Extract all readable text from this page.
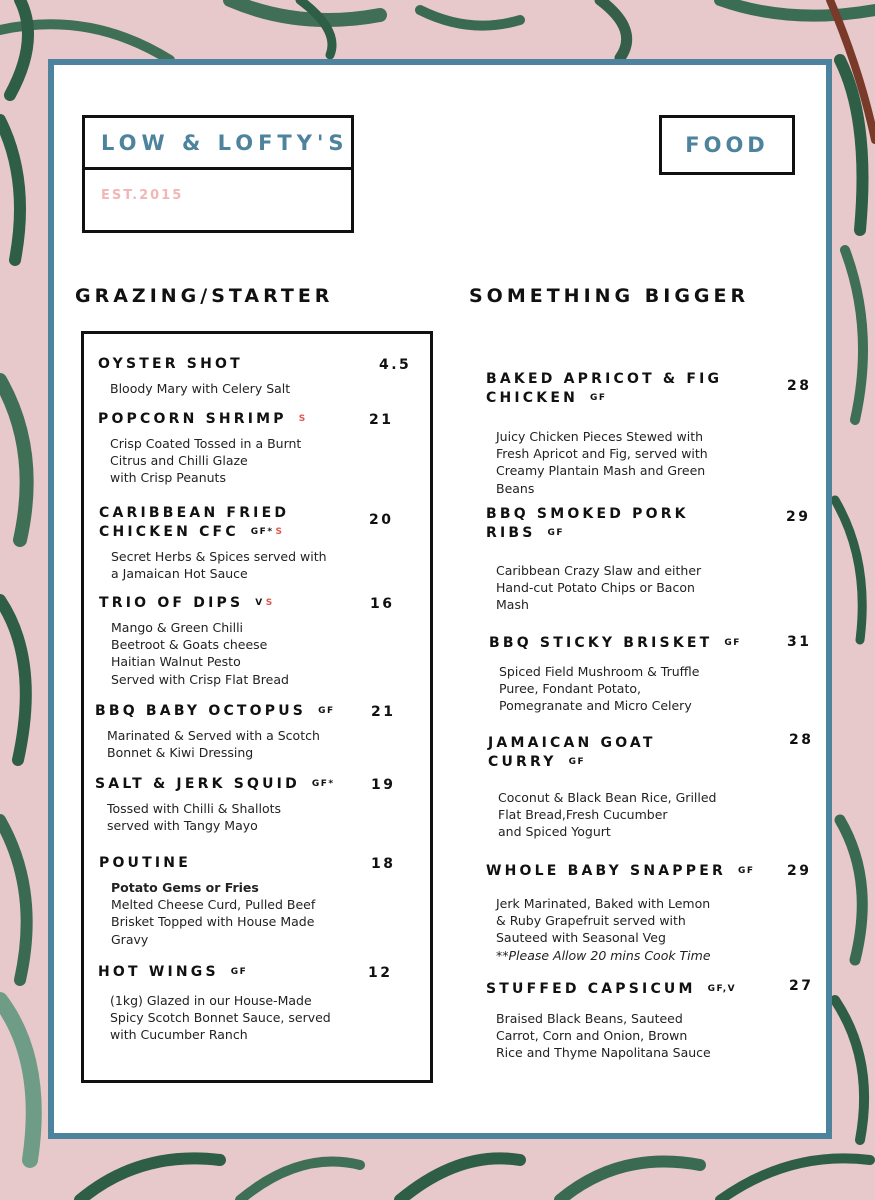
LOW & LOFTY'S
EST.2015
FOOD
GRAZING/STARTER	SOMETHING BIGGER
OYSTER SHOT	4.5
Bloody Mary with Celery Salt
POPCORN SHRIMP S	21
Crisp Coated Tossed in a Burnt
Citrus and Chilli Glaze
with Crisp Peanuts
CARIBBEAN FRIED
CHICKEN CFC GF* S
20
Secret Herbs & Spices served with
a Jamaican Hot Sauce
TRIO OF DIPS V S	16
Mango & Green Chilli
Beetroot & Goats cheese
Haitian Walnut Pesto
Served with Crisp Flat Bread
BBQ BABY OCTOPUS GF	21
Marinated & Served with a Scotch
Bonnet & Kiwi Dressing
SALT & JERK SQUID GF*	19
Tossed with Chilli & Shallots
served with Tangy Mayo
POUTINE	18
Potato Gems or Fries
Melted Cheese Curd, Pulled Beef
Brisket Topped with House Made
Gravy
HOT WINGS GF	12
(1kg) Glazed in our House-Made
Spicy Scotch Bonnet Sauce, served
with Cucumber Ranch
BAKED APRICOT & FIG
CHICKEN GF
28
Juicy Chicken Pieces Stewed with
Fresh Apricot and Fig, served with
Creamy Plantain Mash and Green
Beans
BBQ SMOKED PORK
RIBS GF
29
Caribbean Crazy Slaw and either
Hand-cut Potato Chips or Bacon
Mash
BBQ STICKY BRISKET GF	31
Spiced Field Mushroom & Truffle
Puree, Fondant Potato,
Pomegranate and Micro Celery
JAMAICAN GOAT
CURRY GF
28
Coconut & Black Bean Rice, Grilled
Flat Bread,Fresh Cucumber
and Spiced Yogurt
WHOLE BABY SNAPPER GF 29
Jerk Marinated, Baked with Lemon
& Ruby Grapefruit served with
Sauteed with Seasonal Veg
**Please Allow 20 mins Cook Time
STUFFED CAPSICUM GF,V	27
Braised Black Beans, Sauteed
Carrot, Corn and Onion, Brown
Rice and Thyme Napolitana Sauce
